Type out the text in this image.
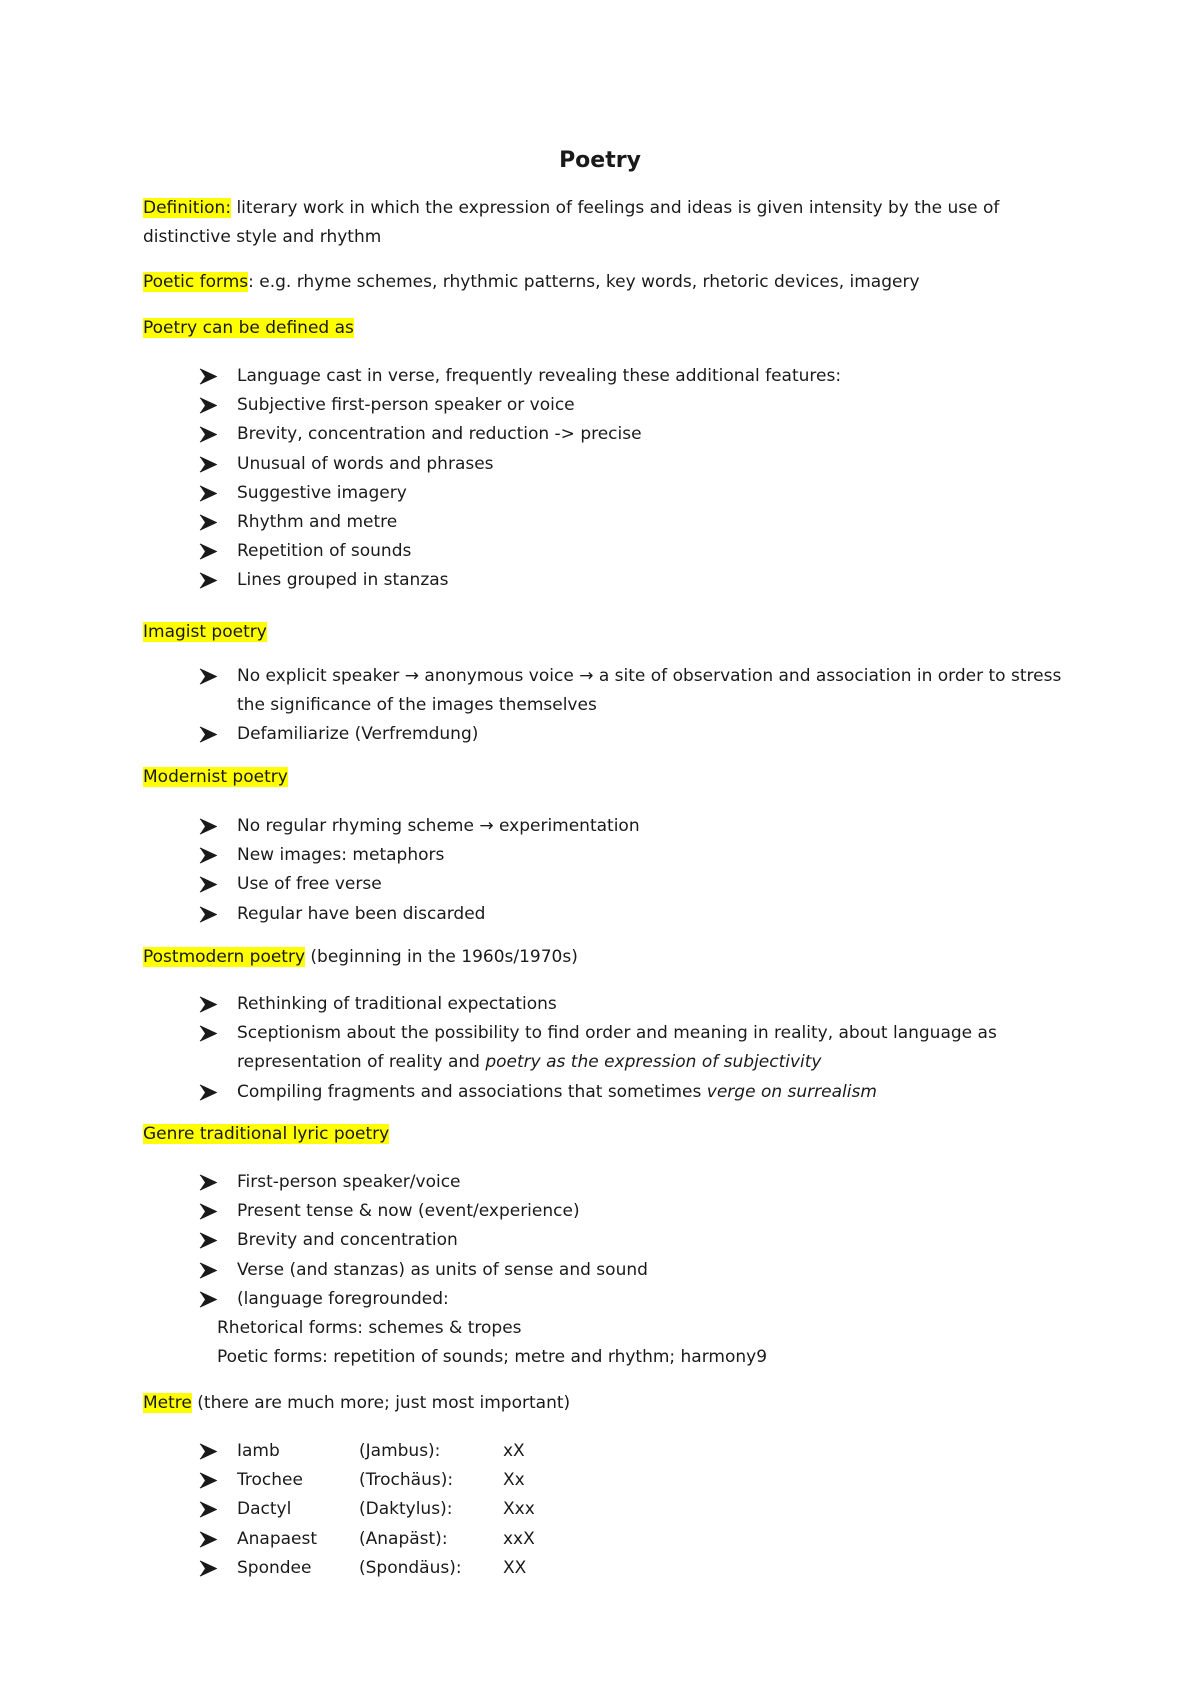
Poetry
Definition: literary work in which the expression of feelings and ideas is given intensity by the use of distinctive style and rhythm
Poetic forms: e.g. rhyme schemes, rhythmic patterns, key words, rhetoric devices, imagery
Poetry can be defined as
Language cast in verse, frequently revealing these additional features:
Subjective first-person speaker or voice
Brevity, concentration and reduction -> precise
Unusual of words and phrases
Suggestive imagery
Rhythm and metre
Repetition of sounds
Lines grouped in stanzas
Imagist poetry
No explicit speaker → anonymous voice → a site of observation and association in order to stress the significance of the images themselves
Defamiliarize (Verfremdung)
Modernist poetry
No regular rhyming scheme → experimentation
New images: metaphors
Use of free verse
Regular have been discarded
Postmodern poetry (beginning in the 1960s/1970s)
Rethinking of traditional expectations
Sceptionism about the possibility to find order and meaning in reality, about language as representation of reality and poetry as the expression of subjectivity
Compiling fragments and associations that sometimes verge on surrealism
Genre traditional lyric poetry
First-person speaker/voice
Present tense & now (event/experience)
Brevity and concentration
Verse (and stanzas) as units of sense and sound
(language foregrounded:
Rhetorical forms: schemes & tropes
Poetic forms: repetition of sounds; metre and rhythm; harmony9
Metre (there are much more; just most important)
Iamb	(Jambus):	xX
Trochee	(Trochäus):	Xx
Dactyl	(Daktylus):	Xxx
Anapaest (Anapäst):	xxX
Spondee	(Spondäus): XX
